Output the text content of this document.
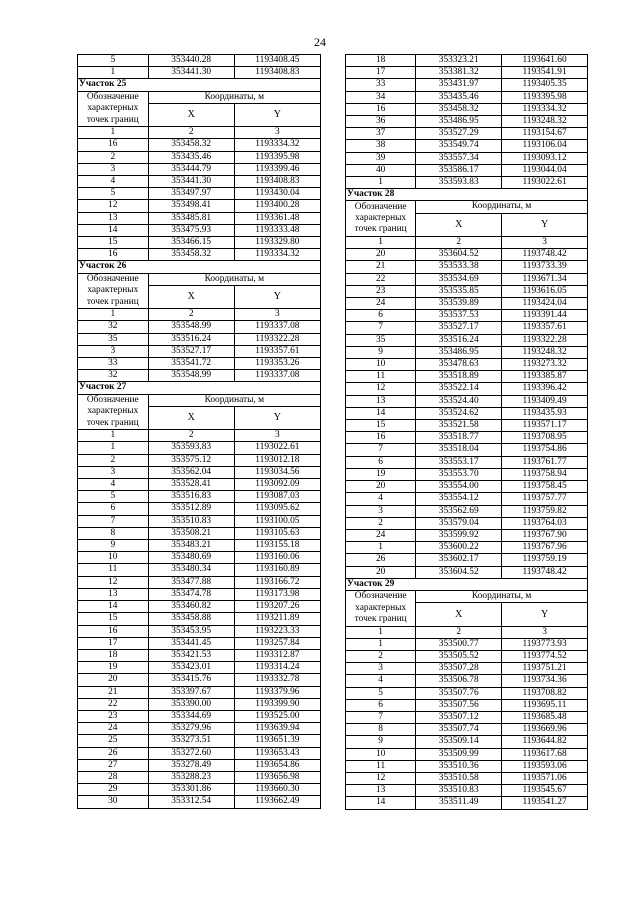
24
5	353440.28	1193408.45
1	353441.30	1193408.83
Участок 25		
Обозначение характерных точек границ	Координаты, м	
	X	Y
1	2	3
16	353458.32	1193334.32
2	353435.46	1193395.98
3	353444.79	1193399.46
4	353441.30	1193408.83
5	353497.97	1193430.04
12	353498.41	1193400.28
13	353485.81	1193361.48
14	353475.93	1193333.48
15	353466.15	1193329.80
16	353458.32	1193334.32
Участок 26		
Обозначение характерных точек границ	Координаты, м	
	X	Y
1	2	3
32	353548.99	1193337.08
35	353516.24	1193322.28
3	353527.17	1193357.61
33	353541.72	1193353.26
32	353548.99	1193337.08
Участок 27		
Обозначение характерных точек границ	Координаты, м	
	X	Y
1	2	3
1	353593.83	1193022.61
2	353575.12	1193012.18
3	353562.04	1193034.56
4	353528.41	1193092.09
5	353516.83	1193087.03
6	353512.89	1193095.62
7	353510.83	1193100.05
8	353508.21	1193105.63
9	353483.21	1193155.18
10	353480.69	1193160.06
11	353480.34	1193160.89
12	353477.88	1193166.72
13	353474.78	1193173.98
14	353460.82	1193207.26
15	353458.88	1193211.89
16	353453.95	1193223.33
17	353441.45	1193257.84
18	353421.53	1193312.87
19	353423.01	1193314.24
20	353415.76	1193332.78
21	353397.67	1193379.96
22	353390.00	1193399.90
23	353344.69	1193525.00
24	353279.96	1193639.94
25	353273.51	1193651.39
26	353272.60	1193653.43
27	353278.49	1193654.86
28	353288.23	1193656.98
29	353301.86	1193660.30
30	353312.54	1193662.49
18	353323.21	1193641.60
17	353381.32	1193541.91
33	353431.97	1193405.35
34	353435.46	1193395.98
16	353458.32	1193334.32
36	353486.95	1193248.32
37	353527.29	1193154.67
38	353549.74	1193106.04
39	353557.34	1193093.12
40	353586.17	1193044.04
1	353593.83	1193022.61
Участок 28		
Обозначение характерных точек границ	Координаты, м	
	X	Y
1	2	3
20	353604.52	1193748.42
21	353533.38	1193733.39
22	353534.69	1193671.34
23	353535.85	1193616.05
24	353539.89	1193424.04
6	353537.53	1193391.44
7	353527.17	1193357.61
35	353516.24	1193322.28
9	353486.95	1193248.32
10	353478.63	1193273.32
11	353518.89	1193385.87
12	353522.14	1193396.42
13	353524.40	1193409.49
14	353524.62	1193435.93
15	353521.58	1193571.17
16	353518.77	1193708.95
7	353518.04	1193754.86
6	353553.17	1193761.77
19	353553.70	1193758.94
20	353554.00	1193758.45
4	353554.12	1193757.77
3	353562.69	1193759.82
2	353579.04	1193764.03
24	353599.92	1193767.90
1	353600.22	1193767.96
26	353602.17	1193759.19
20	353604.52	1193748.42
Участок 29		
Обозначение характерных точек границ	Координаты, м	
	X	Y
1	2	3
1	353500.77	1193773.93
2	353505.52	1193774.52
3	353507.28	1193751.21
4	353506.78	1193734.36
5	353507.76	1193708.82
6	353507.56	1193695.11
7	353507.12	1193685.48
8	353507.74	1193669.96
9	353509.14	1193644.82
10	353509.99	1193617.68
11	353510.36	1193593.06
12	353510.58	1193571.06
13	353510.83	1193545.67
14	353511.49	1193541.27
